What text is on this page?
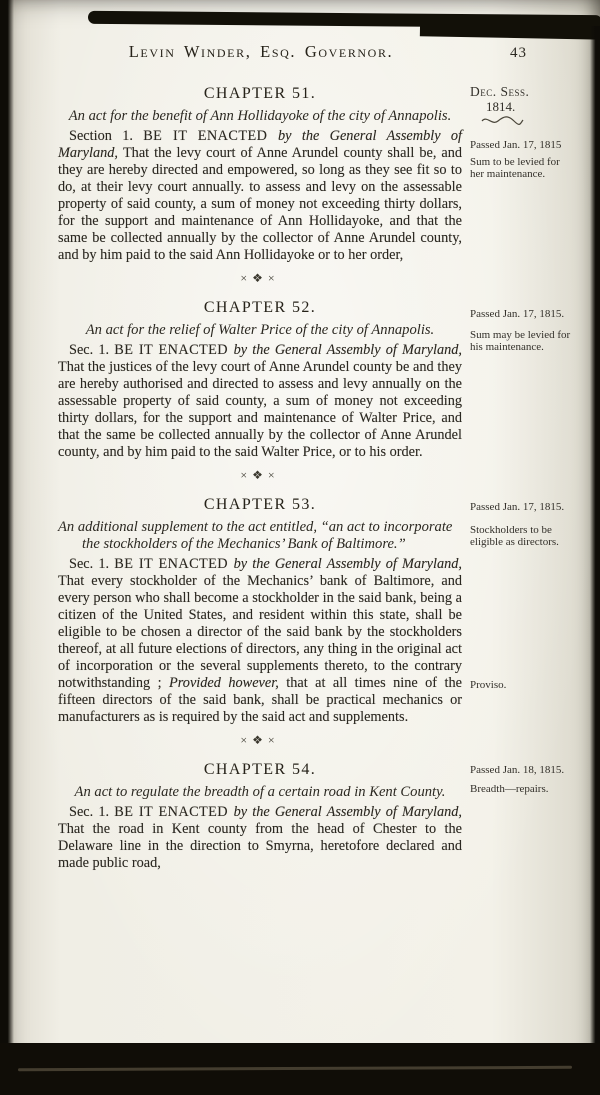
Levin Winder, Esq. Governor.	43
CHAPTER 51.

An act for the benefit of Ann Hollidayoke of the city of Annapolis.

Section 1. BE IT ENACTED by the General Assembly of Maryland, That the levy court of Anne Arundel county shall be, and they are hereby directed and empowered, so long as they see fit so to do, at their levy court annually. to assess and levy on the assessable property of said county, a sum of money not exceeding thirty dollars, for the support and maintenance of Ann Hollidayoke, and that the same be collected annually by the collector of Anne Arundel county, and by him paid to the said Ann Hollidayoke or to her order,

×❖×
Dec. Sess.
1814.
Passed Jan. 17, 1815
Sum to be levied for her maintenance.
CHAPTER 52.

An act for the relief of Walter Price of the city of Annapolis.

Sec. 1. BE IT ENACTED by the General Assembly of Maryland, That the justices of the levy court of Anne Arundel county be and they are hereby authorised and directed to assess and levy annually on the assessable property of said county, a sum of money not exceeding thirty dollars, for the support and maintenance of Walter Price, and that the same be collected annually by the collector of Anne Arundel county, and by him paid to the said Walter Price, or to his order.

×❖×
Passed Jan. 17, 1815.
Sum may be levied for his maintenance.
CHAPTER 53.

An additional supplement to the act entitled, “an act to incorporate the stockholders of the Mechanics’ Bank of Baltimore.”

Sec. 1. BE IT ENACTED by the General Assembly of Maryland, That every stockholder of the Mechanics’ bank of Baltimore, and every person who shall become a stockholder in the said bank, being a citizen of the United States, and resident within this state, shall be eligible to be chosen a director of the said bank by the stockholders thereof, at all future elections of directors, any thing in the original act of incorporation or the several supplements thereto, to the contrary notwithstanding ; Provided however, that at all times nine of the fifteen directors of the said bank, shall be practical mechanics or manufacturers as is required by the said act and supplements.

×❖×
Passed Jan. 17, 1815.
Stockholders to be eligible as directors.
Proviso.
CHAPTER 54.

An act to regulate the breadth of a certain road in Kent County.

Sec. 1. BE IT ENACTED by the General Assembly of Maryland, That the road in Kent county from the head of Chester to the Delaware line in the direction to Smyrna, heretofore declared and made public road,

Passed Jan. 18, 1815.
Breadth—repairs.
